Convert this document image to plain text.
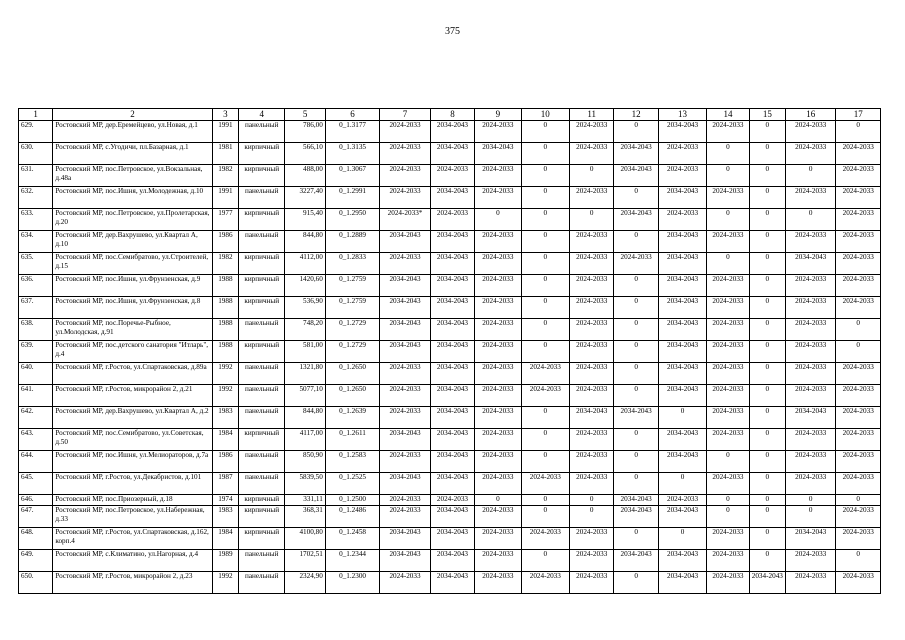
375
1	2	3	4	5	6	7	8	9	10	11	12	13	14	15	16	17
629.	Ростовский МР, дер.Еремейцево, ул.Новая, д.1	1991	панельный	786,00	0_1.3177	2024-2033	2034-2043	2024-2033	0	2024-2033	0	2034-2043	2024-2033	0	2024-2033	0
630.	Ростовский МР, с.Угодичи, пл.Базарная, д.1	1981	кирпичный	566,10	0_1.3135	2024-2033	2034-2043	2034-2043	0	2024-2033	2034-2043	2024-2033	0	0	2024-2033	2024-2033
631.	Ростовский МР, пос.Петровское, ул.Вокзальная, д.48а	1982	кирпичный	488,00	0_1.3067	2024-2033	2024-2033	2024-2033	0	0	2034-2043	2024-2033	0	0	0	2024-2033
632.	Ростовский МР, пос.Ишня, ул.Молодежная, д.10	1991	панельный	3227,40	0_1.2991	2024-2033	2034-2043	2024-2033	0	2024-2033	0	2034-2043	2024-2033	0	2024-2033	2024-2033
633.	Ростовский МР, пос.Петровское, ул.Пролетарская, д.20	1977	кирпичный	915,40	0_1.2950	2024-2033*	2024-2033	0	0	0	2034-2043	2024-2033	0	0	0	2024-2033
634.	Ростовский МР, дер.Вахрушево, ул.Квартал А, д.10	1986	панельный	844,80	0_1.2889	2034-2043	2034-2043	2024-2033	0	2024-2033	0	2034-2043	2024-2033	0	2024-2033	2024-2033
635.	Ростовский МР, пос.Семибратово, ул.Строителей, д.15	1982	кирпичный	4112,00	0_1.2833	2024-2033	2034-2043	2024-2033	0	2024-2033	2024-2033	2034-2043	0	0	2034-2043	2024-2033
636.	Ростовский МР, пос.Ишня, ул.Фрунзенская, д.9	1988	кирпичный	1420,60	0_1.2759	2034-2043	2034-2043	2024-2033	0	2024-2033	0	2034-2043	2024-2033	0	2024-2033	2024-2033
637.	Ростовский МР, пос.Ишня, ул.Фрунзенская, д.8	1988	кирпичный	536,90	0_1.2759	2034-2043	2034-2043	2024-2033	0	2024-2033	0	2034-2043	2024-2033	0	2024-2033	2024-2033
638.	Ростовский МР, пос.Поречье-Рыбное, ул.Молодская, д.91	1988	панельный	748,20	0_1.2729	2034-2043	2034-2043	2024-2033	0	2024-2033	0	2034-2043	2024-2033	0	2024-2033	0
639.	Ростовский МР, пос.детского санатория "Итларь", д.4	1988	кирпичный	581,00	0_1.2729	2034-2043	2034-2043	2024-2033	0	2024-2033	0	2034-2043	2024-2033	0	2024-2033	0
640.	Ростовский МР, г.Ростов, ул.Спартаковская, д.89а	1992	панельный	1321,80	0_1.2650	2024-2033	2034-2043	2024-2033	2024-2033	2024-2033	0	2034-2043	2024-2033	0	2024-2033	2024-2033
641.	Ростовский МР, г.Ростов, микрорайон 2, д.21	1992	панельный	5077,10	0_1.2650	2024-2033	2034-2043	2024-2033	2024-2033	2024-2033	0	2034-2043	2024-2033	0	2024-2033	2024-2033
642.	Ростовский МР, дер.Вахрушево, ул.Квартал А, д.2	1983	панельный	844,80	0_1.2639	2024-2033	2034-2043	2024-2033	0	2034-2043	2034-2043	0	2024-2033	0	2034-2043	2024-2033
643.	Ростовский МР, пос.Семибратово, ул.Советская, д.50	1984	кирпичный	4117,00	0_1.2611	2034-2043	2034-2043	2024-2033	0	2024-2033	0	2034-2043	2024-2033	0	2024-2033	2024-2033
644.	Ростовский МР, пос.Ишня, ул.Мелиораторов, д.7а	1986	панельный	850,90	0_1.2583	2024-2033	2034-2043	2024-2033	0	2024-2033	0	2034-2043	0	0	2024-2033	2024-2033
645.	Ростовский МР, г.Ростов, ул.Декабристов, д.101	1987	панельный	5839,50	0_1.2525	2034-2043	2034-2043	2024-2033	2024-2033	2024-2033	0	0	2024-2033	0	2024-2033	2024-2033
646.	Ростовский МР, пос.Приозерный, д.18	1974	кирпичный	331,11	0_1.2500	2024-2033	2024-2033	0	0	0	2034-2043	2024-2033	0	0	0	0
647.	Ростовский МР, пос.Петровское, ул.Набережная, д.33	1983	кирпичный	368,31	0_1.2486	2024-2033	2034-2043	2024-2033	0	0	2034-2043	2034-2043	0	0	0	2024-2033
648.	Ростовский МР, г.Ростов, ул.Спартаковская, д.162, корп.4	1984	кирпичный	4100,80	0_1.2458	2034-2043	2034-2043	2024-2033	2024-2033	2024-2033	0	0	2024-2033	0	2034-2043	2024-2033
649.	Ростовский МР, с.Климатино, ул.Нагорная, д.4	1989	панельный	1702,51	0_1.2344	2034-2043	2034-2043	2024-2033	0	2024-2033	2034-2043	2034-2043	2024-2033	0	2024-2033	0
650.	Ростовский МР, г.Ростов, микрорайон 2, д.23	1992	панельный	2324,90	0_1.2300	2024-2033	2034-2043	2024-2033	2024-2033	2024-2033	0	2034-2043	2024-2033	2034-2043	2024-2033	2024-2033
